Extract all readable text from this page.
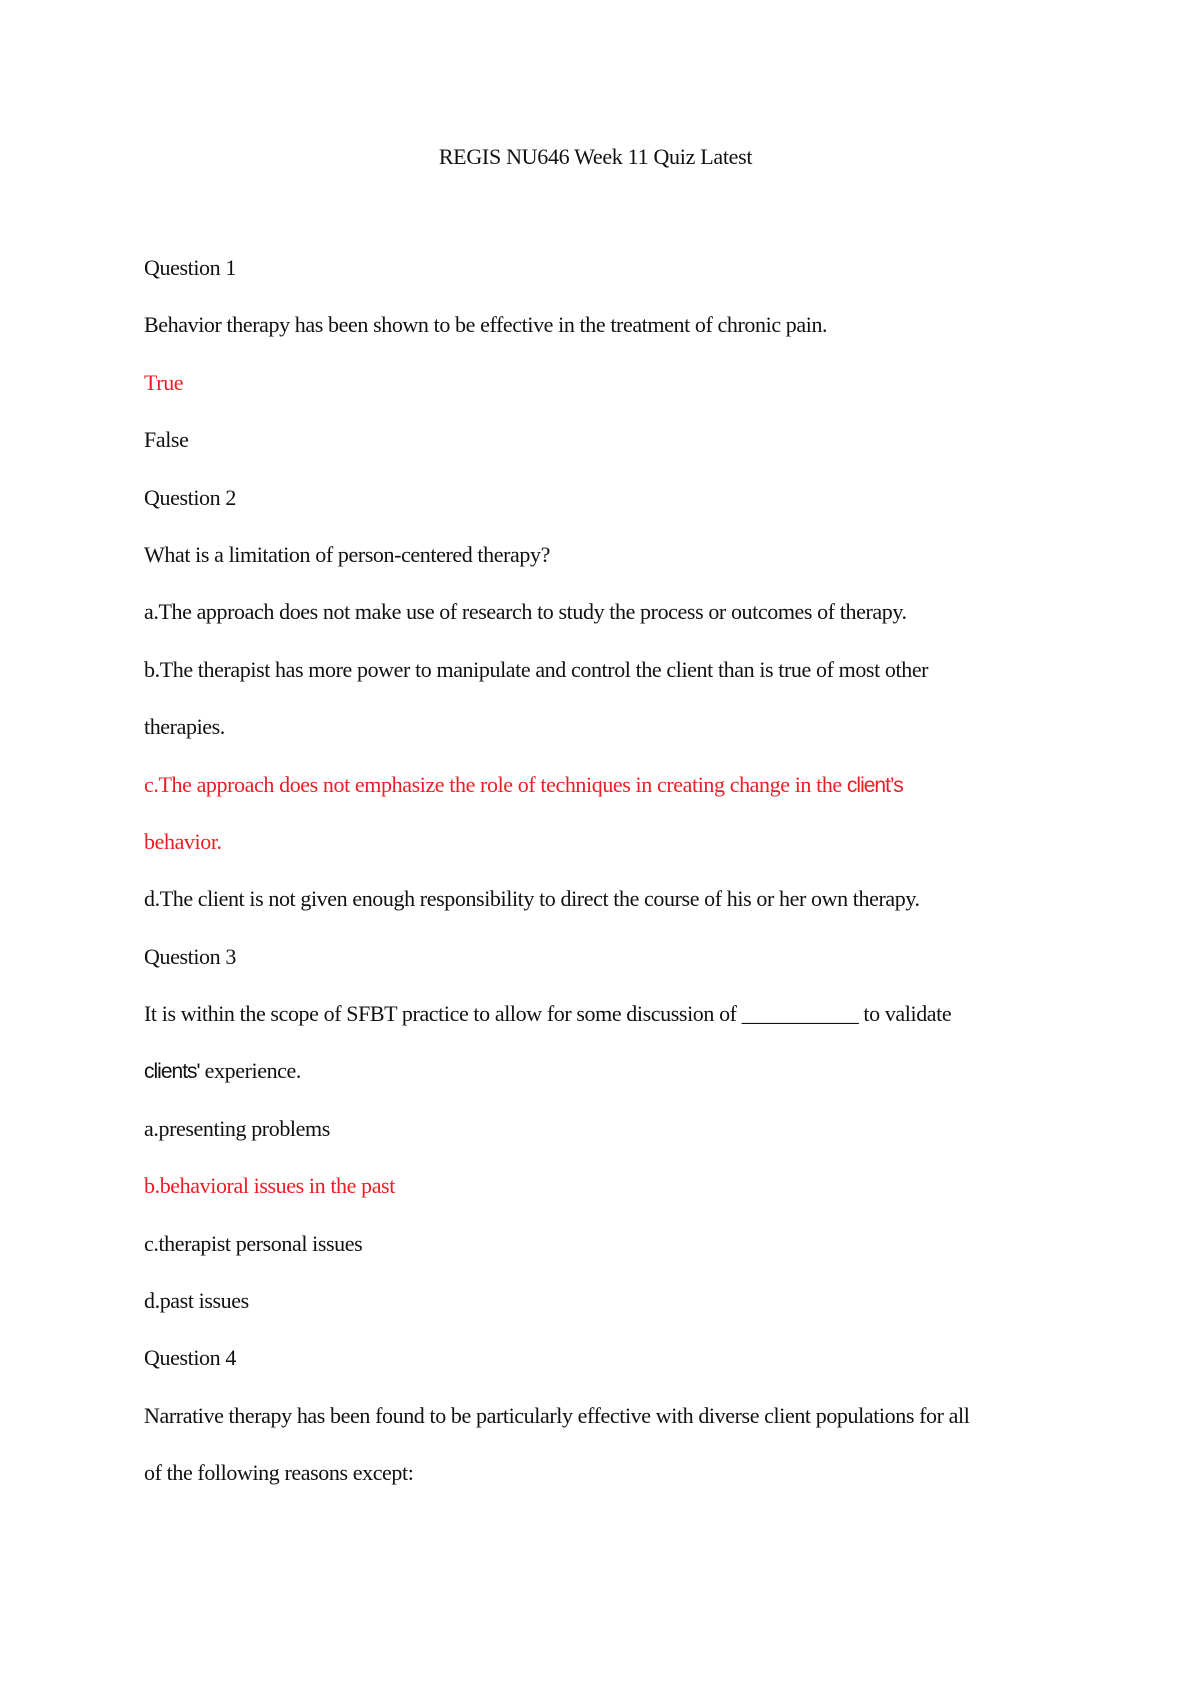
REGIS NU646 Week 11 Quiz Latest
Question 1
Behavior therapy has been shown to be effective in the treatment of chronic pain.
True
False
Question 2
What is a limitation of person-centered therapy?
a.The approach does not make use of research to study the process or outcomes of therapy.
b.The therapist has more power to manipulate and control the client than is true of most other
therapies.
c.The approach does not emphasize the role of techniques in creating change in the client’s
behavior.
d.The client is not given enough responsibility to direct the course of his or her own therapy.
Question 3
It is within the scope of SFBT practice to allow for some discussion of ___________ to validate
clients' experience.
a.presenting problems
b.behavioral issues in the past
c.therapist personal issues
d.past issues
Question 4
Narrative therapy has been found to be particularly effective with diverse client populations for all
of the following reasons except:
